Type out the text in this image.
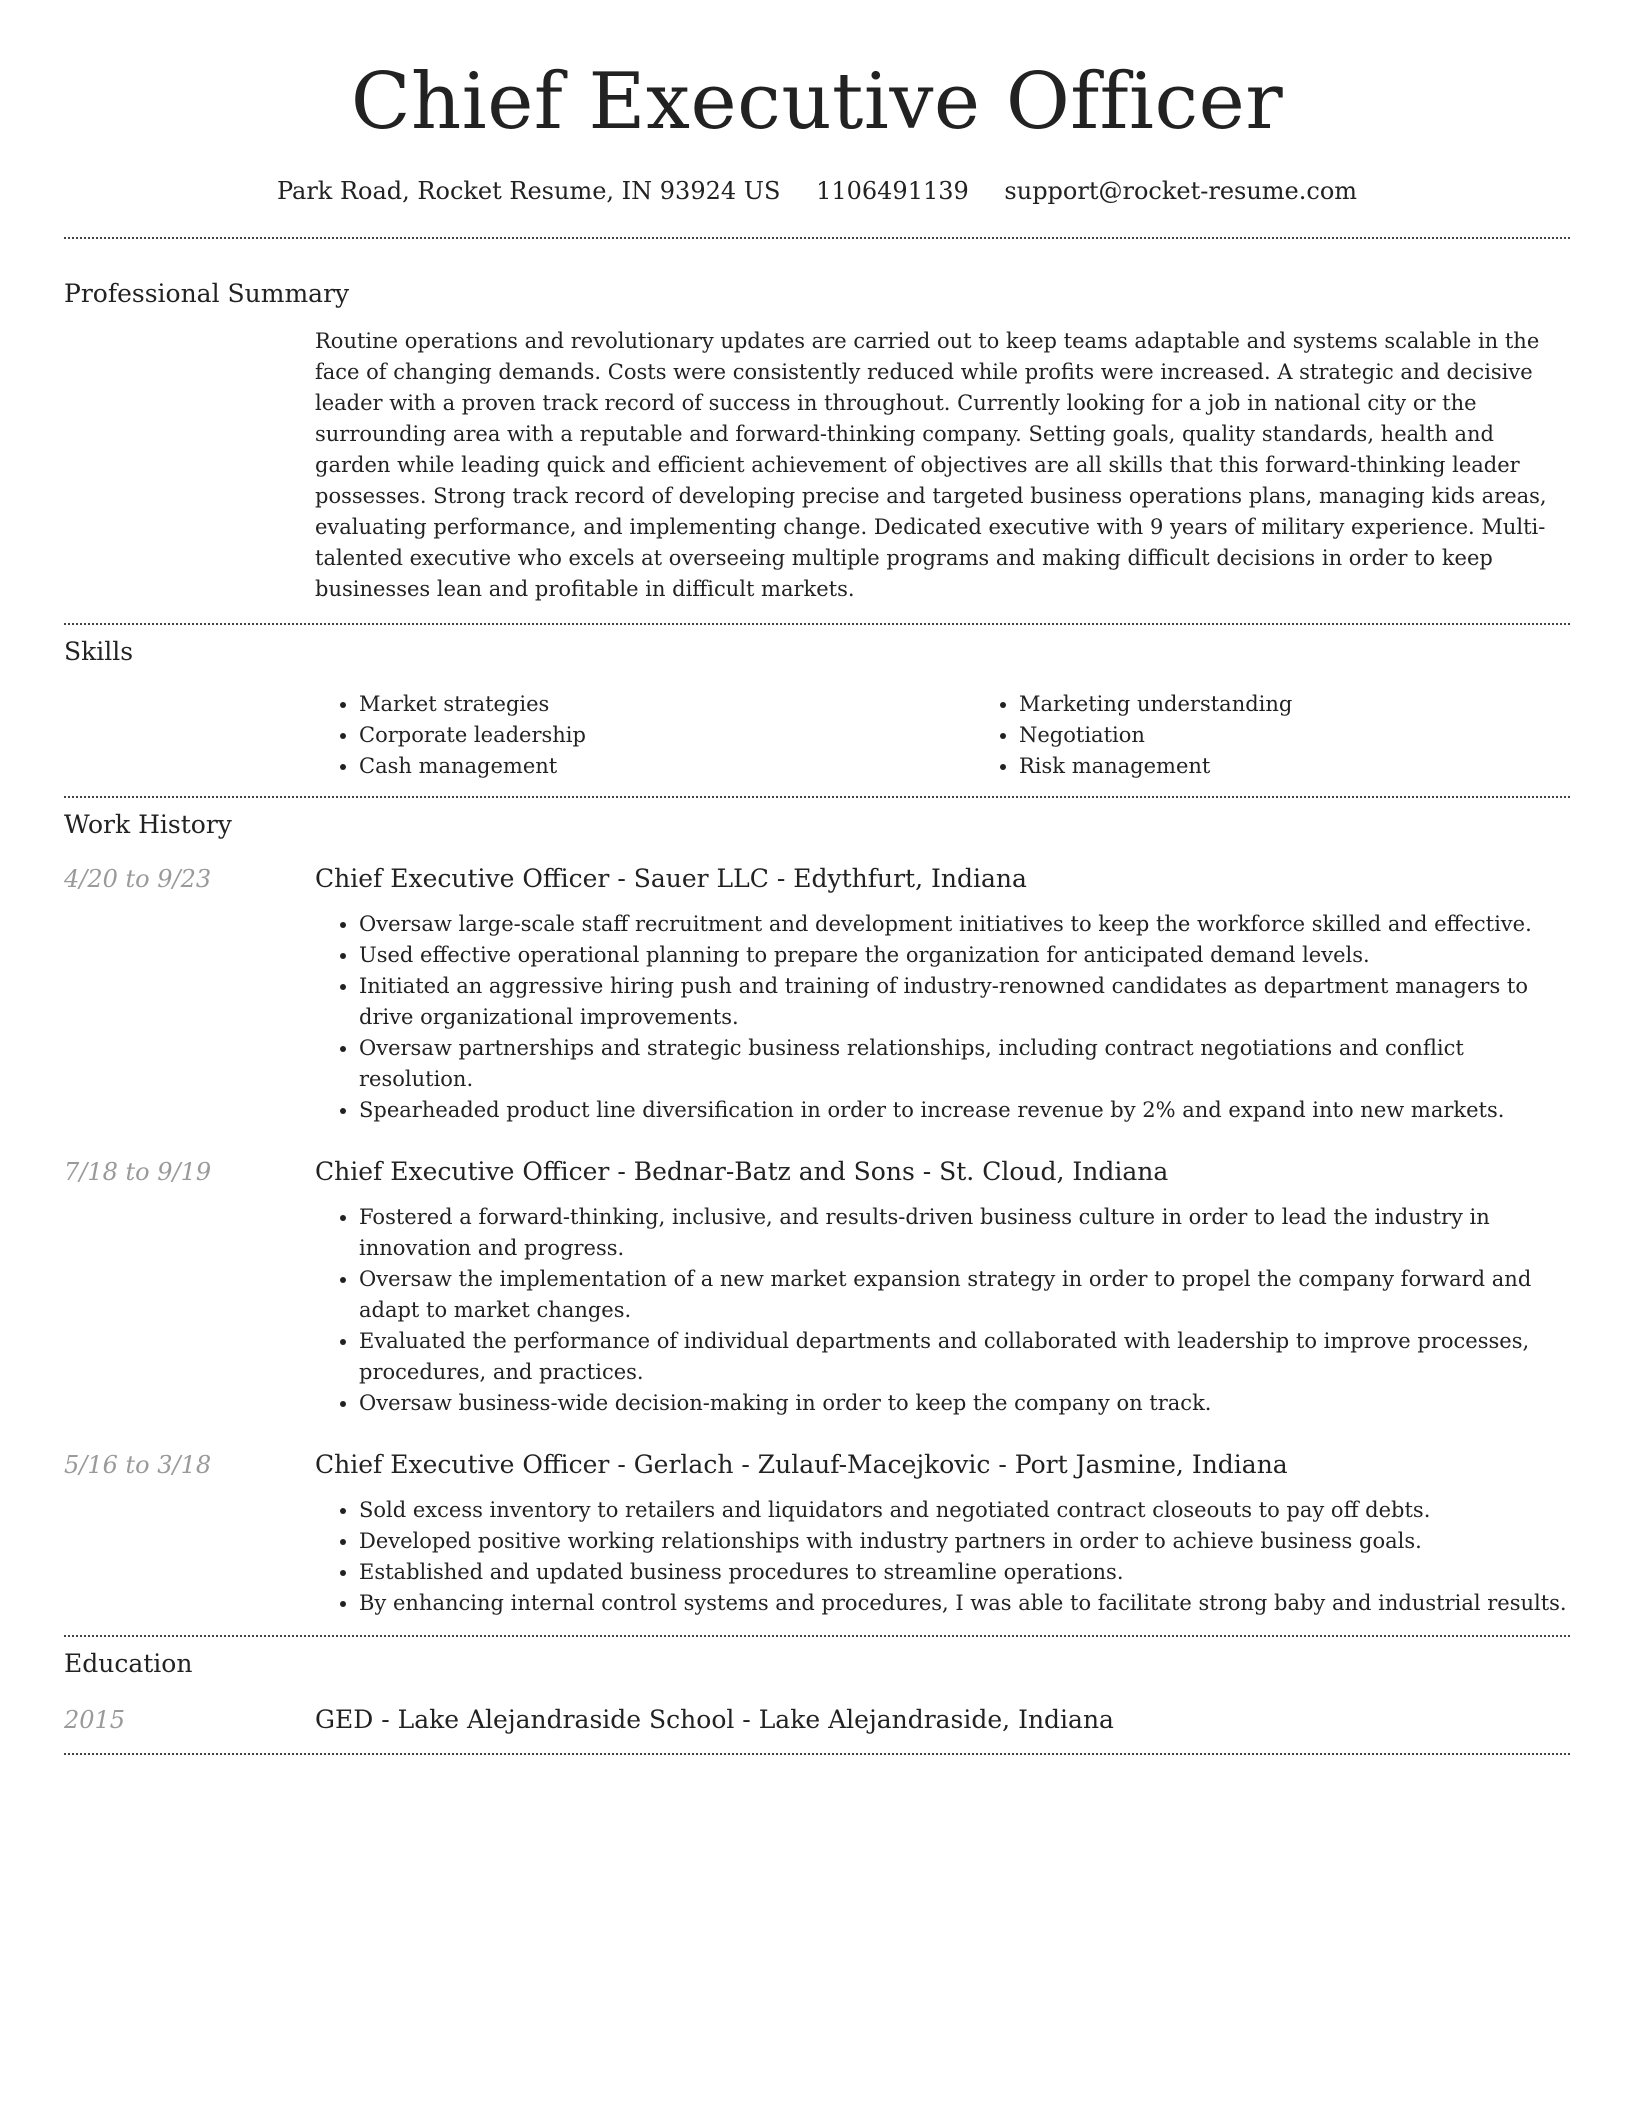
Chief Executive Officer
Park Road, Rocket Resume, IN 93924 US 1106491139 support@rocket-resume.com
Professional Summary

Routine operations and revolutionary updates are carried out to keep teams adaptable and systems scalable in the face of changing demands. Costs were consistently reduced while profits were increased. A strategic and decisive leader with a proven track record of success in throughout. Currently looking for a job in national city or the surrounding area with a reputable and forward-thinking company. Setting goals, quality standards, health and garden while leading quick and efficient achievement of objectives are all skills that this forward-thinking leader possesses. Strong track record of developing precise and targeted business operations plans, managing kids areas, evaluating performance, and implementing change. Dedicated executive with 9 years of military experience. Multi-talented executive who excels at overseeing multiple programs and making difficult decisions in order to keep businesses lean and profitable in difficult markets.

Skills
• Market strategies
• Corporate leadership
• Cash management
• Marketing understanding
• Negotiation
• Risk management
Work History
4/20 to 9/23	Chief Executive Officer - Sauer LLC - Edythfurt, Indiana
• Oversaw large-scale staff recruitment and development initiatives to keep the workforce skilled and effective.
• Used effective operational planning to prepare the organization for anticipated demand levels.
• Initiated an aggressive hiring push and training of industry-renowned candidates as department managers to drive organizational improvements.
• Oversaw partnerships and strategic business relationships, including contract negotiations and conflict resolution.
• Spearheaded product line diversification in order to increase revenue by 2% and expand into new markets.
7/18 to 9/19	Chief Executive Officer - Bednar-Batz and Sons - St. Cloud, Indiana
• Fostered a forward-thinking, inclusive, and results-driven business culture in order to lead the industry in innovation and progress.
• Oversaw the implementation of a new market expansion strategy in order to propel the company forward and adapt to market changes.
• Evaluated the performance of individual departments and collaborated with leadership to improve processes, procedures, and practices.
• Oversaw business-wide decision-making in order to keep the company on track.
5/16 to 3/18	Chief Executive Officer - Gerlach - Zulauf-Macejkovic - Port Jasmine, Indiana
• Sold excess inventory to retailers and liquidators and negotiated contract closeouts to pay off debts.
• Developed positive working relationships with industry partners in order to achieve business goals.
• Established and updated business procedures to streamline operations.
• By enhancing internal control systems and procedures, I was able to facilitate strong baby and industrial results.
Education
2015	GED - Lake Alejandraside School - Lake Alejandraside, Indiana
